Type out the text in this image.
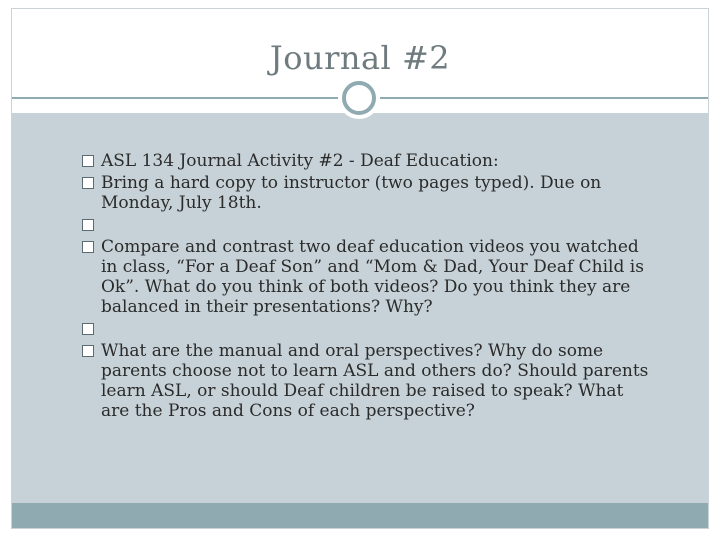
Journal #2
ASL 134 Journal Activity #2 - Deaf Education:
Bring a hard copy to instructor (two pages typed). Due on Monday, July 18th.
Compare and contrast two deaf education videos you watched in class, “For a Deaf Son” and “Mom & Dad, Your Deaf Child is Ok”. What do you think of both videos? Do you think they are balanced in their presentations? Why?
What are the manual and oral perspectives? Why do some parents choose not to learn ASL and others do? Should parents learn ASL, or should Deaf children be raised to speak? What are the Pros and Cons of each perspective?
